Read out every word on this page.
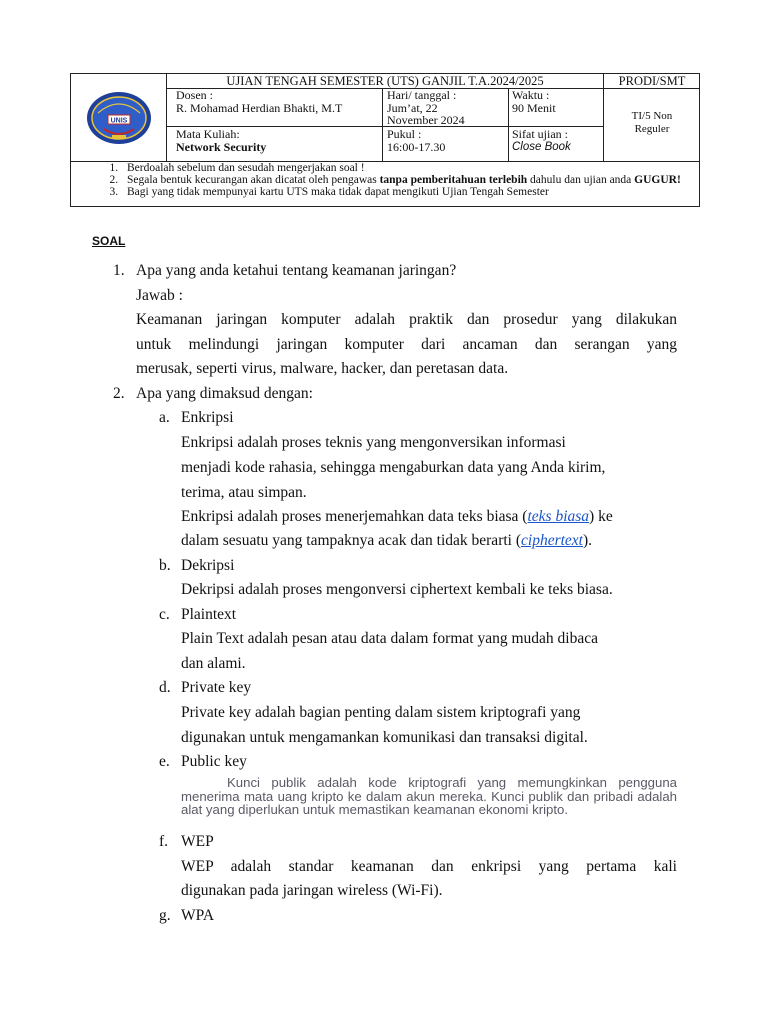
UNIS
UJIAN TENGAH SEMESTER (UTS) GANJIL T.A.2024/2025	PRODI/SMT
Dosen :
R. Mohamad Herdian Bhakti, M.T
Hari/ tanggal :
Jum’at, 22
November 2024
Waktu :
90 Menit
TI/5 Non Reguler
Mata Kuliah:
Network Security
Pukul :
16:00-17.30
Sifat ujian :
Close Book
1. Berdoalah sebelum dan sesudah mengerjakan soal !
2. Segala bentuk kecurangan akan dicatat oleh pengawas tanpa pemberitahuan terlebih dahulu dan ujian anda GUGUR!
3. Bagi yang tidak mempunyai kartu UTS maka tidak dapat mengikuti Ujian Tengah Semester
SOAL
1. Apa yang anda ketahui tentang keamanan jaringan?
Jawab :
Keamanan jaringan komputer adalah praktik dan prosedur yang dilakukan
untuk melindungi jaringan komputer dari ancaman dan serangan yang
merusak, seperti virus, malware, hacker, dan peretasan data.
2. Apa yang dimaksud dengan:
a. Enkripsi
Enkripsi adalah proses teknis yang mengonversikan informasi
menjadi kode rahasia, sehingga mengaburkan data yang Anda kirim,
terima, atau simpan.
Enkripsi adalah proses menerjemahkan data teks biasa (teks biasa) ke
dalam sesuatu yang tampaknya acak dan tidak berarti (ciphertext).
b. Dekripsi
Dekripsi adalah proses mengonversi ciphertext kembali ke teks biasa.
c. Plaintext
Plain Text adalah pesan atau data dalam format yang mudah dibaca
dan alami.
d. Private key
Private key adalah bagian penting dalam sistem kriptografi yang
digunakan untuk mengamankan komunikasi dan transaksi digital.
e. Public key
Kunci publik adalah kode kriptografi yang memungkinkan pengguna menerima mata uang kripto ke dalam akun mereka. Kunci publik dan pribadi adalah alat yang diperlukan untuk memastikan keamanan ekonomi kripto.
f. WEP
WEP adalah standar keamanan dan enkripsi yang pertama kali
digunakan pada jaringan wireless (Wi-Fi).
g. WPA
